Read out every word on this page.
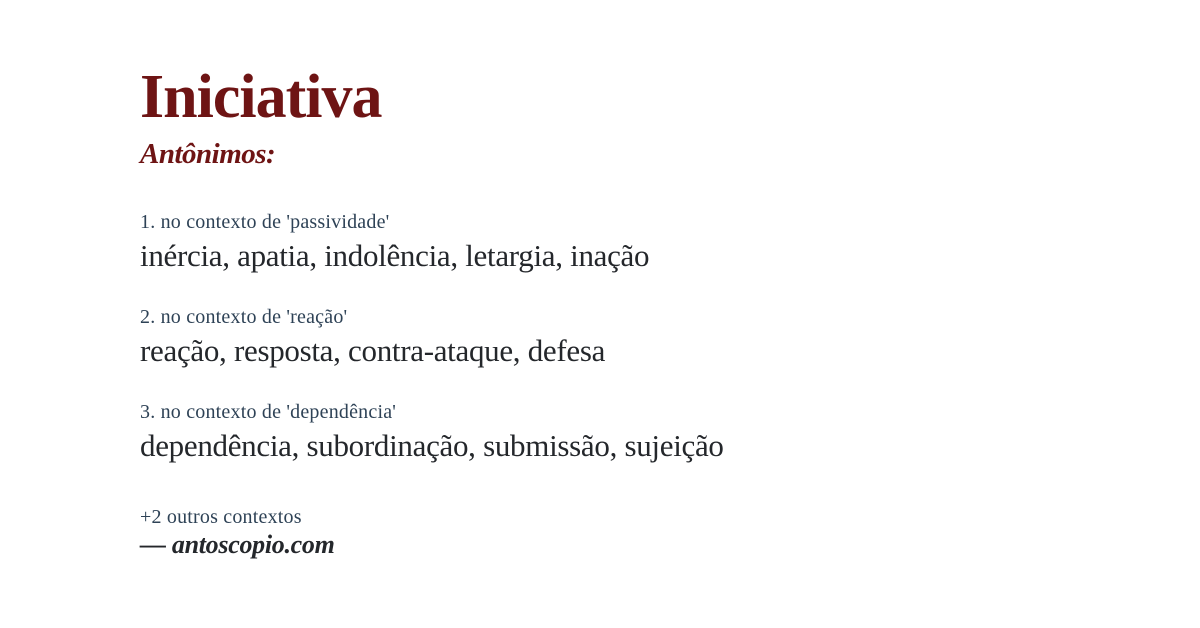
Iniciativa
Antônimos:
1. no contexto de 'passividade'
inércia, apatia, indolência, letargia, inação
2. no contexto de 'reação'
reação, resposta, contra-ataque, defesa
3. no contexto de 'dependência'
dependência, subordinação, submissão, sujeição
+2 outros contextos
— antoscopio.com
